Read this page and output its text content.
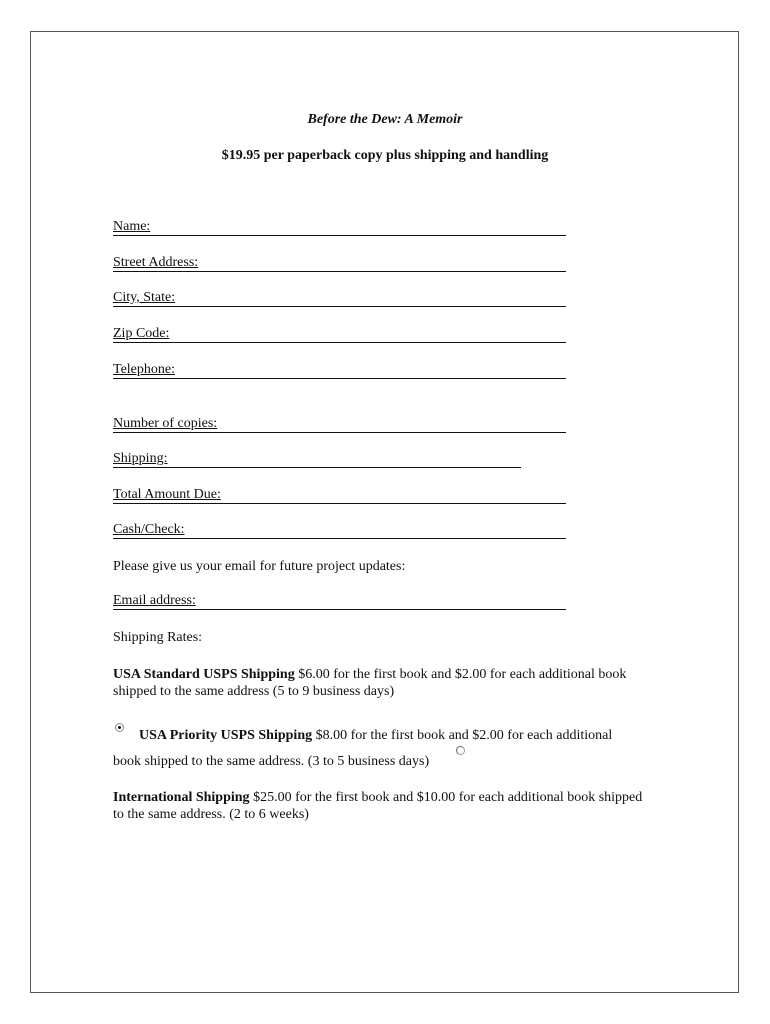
Before the Dew: A Memoir
$19.95 per paperback copy plus shipping and handling
Name:
Street Address:
City, State:
Zip Code:
Telephone:
Number of copies:
Shipping:
Total Amount Due:
Cash/Check:
Please give us your email for future project updates:
Email address:
Shipping Rates:
USA Standard USPS Shipping $6.00 for the first book and $2.00 for each additional book shipped to the same address (5 to 9 business days)
USA Priority USPS Shipping $8.00 for the first book and $2.00 for each additional
book shipped to the same address. (3 to 5 business days)
International Shipping $25.00 for the first book and $10.00 for each additional book shipped to the same address. (2 to 6 weeks)
